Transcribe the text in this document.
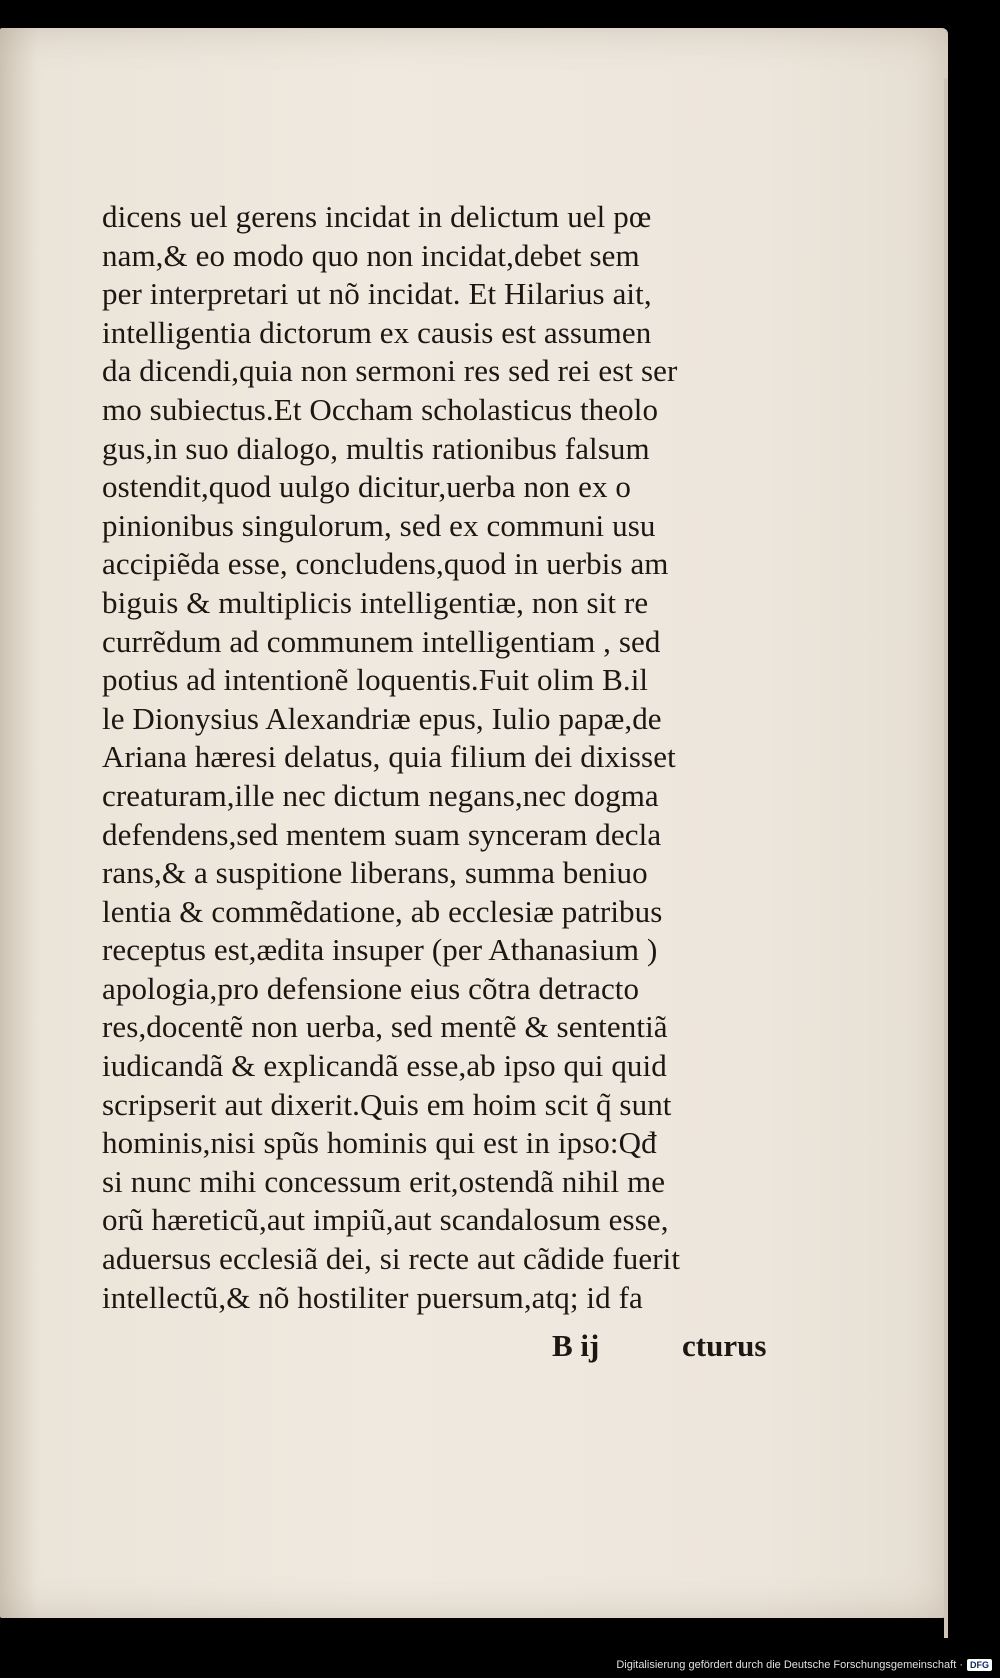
dicens uel gerens incidat in delictum uel pœ
nam,& eo modo quo non incidat,debet sem
per interpretari ut nõ incidat. Et Hilarius ait,
intelligentia dictorum ex causis est assumen
da dicendi,quia non sermoni res sed rei est ser
mo subiectus.Et Occham scholasticus theolo
gus,in suo dialogo, multis rationibus falsum
ostendit,quod uulgo dicitur,uerba non ex o
pinionibus singulorum, sed ex communi usu
accipiẽda esse, concludens,quod in uerbis am
biguis & multiplicis intelligentiæ, non sit re
currẽdum ad communem intelligentiam , sed
potius ad intentionẽ loquentis.Fuit olim B.il
le Dionysius Alexandriæ epus, Iulio papæ,de
Ariana hæresi delatus, quia filium dei dixisset
creaturam,ille nec dictum negans,nec dogma
defendens,sed mentem suam synceram decla
rans,& a suspitione liberans, summa beniuo
lentia & commẽdatione, ab ecclesiæ patribus
receptus est,ædita insuper (per Athanasium )
apologia,pro defensione eius cõtra detracto
res,docentẽ non uerba, sed mentẽ & sententiã
iudicandã & explicandã esse,ab ipso qui quid
scripserit aut dixerit.Quis em hoim scit q̃ sunt
hominis,nisi spũs hominis qui est in ipso:Qđ
si nunc mihi concessum erit,ostendã nihil me
orũ hæreticũ,aut impiũ,aut scandalosum esse,
aduersus ecclesiã dei, si recte aut cãdide fuerit
intellectũ,& nõ hostiliter puersum,atq; id fa
B ij	cturus
Digitalisierung gefördert durch die Deutsche Forschungsgemeinschaft · DFG
